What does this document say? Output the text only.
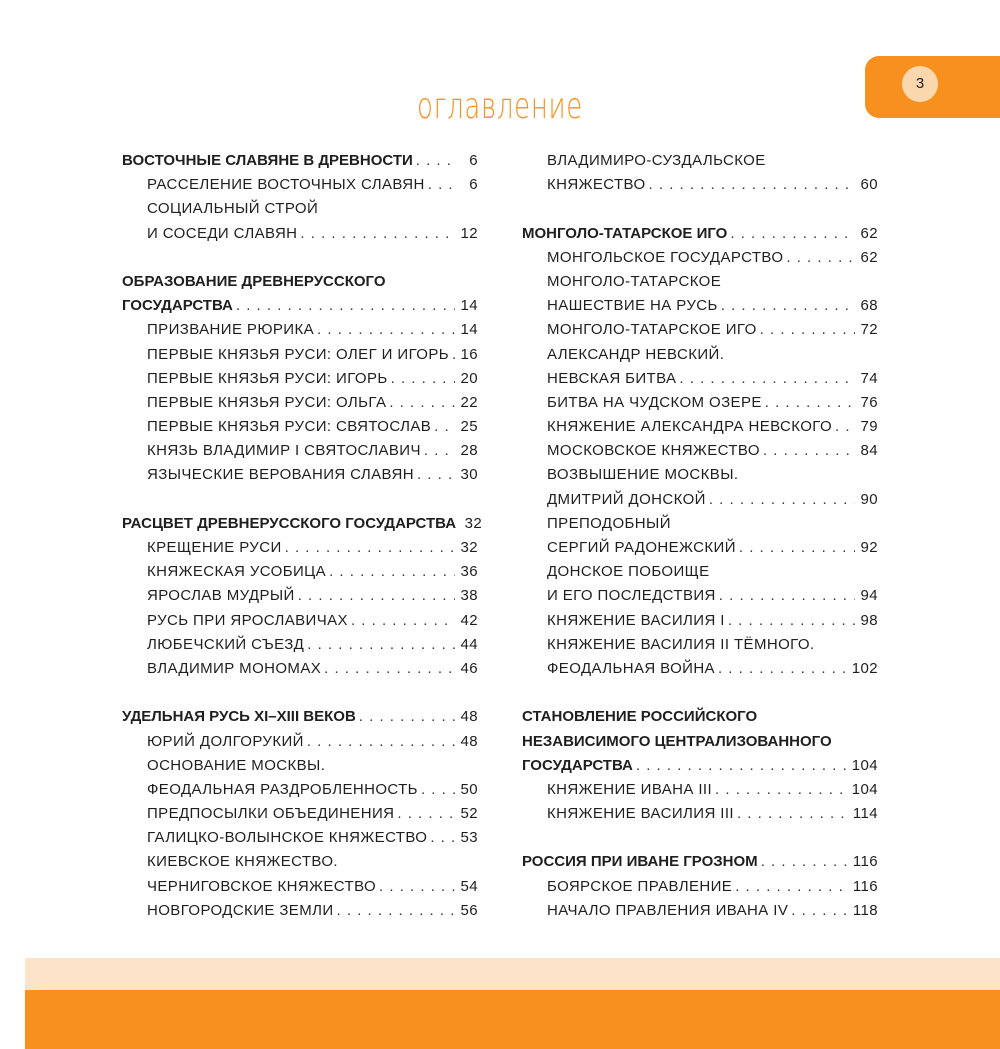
3
оглавление
ВОСТОЧНЫЕ СЛАВЯНЕ В ДРЕВНОСТИ . . .	6
РАССЕЛЕНИЕ ВОСТОЧНЫХ СЛАВЯН . . .	6
СОЦИАЛЬНЫЙ СТРОЙ
И СОСЕДИ СЛАВЯН . . .	12
ОБРАЗОВАНИЕ ДРЕВНЕРУССКОГО
ГОСУДАРСТВА . . .	14
ПРИЗВАНИЕ РЮРИКА . . .	14
ПЕРВЫЕ КНЯЗЬЯ РУСИ: ОЛЕГ И ИГОРЬ . . . 16
ПЕРВЫЕ КНЯЗЬЯ РУСИ: ИГОРЬ . . .	20
ПЕРВЫЕ КНЯЗЬЯ РУСИ: ОЛЬГА . . .	22
ПЕРВЫЕ КНЯЗЬЯ РУСИ: СВЯТОСЛАВ . . . 25
КНЯЗЬ ВЛАДИМИР I СВЯТОСЛАВИЧ . . .	28
ЯЗЫЧЕСКИЕ ВЕРОВАНИЯ СЛАВЯН . . .	30
РАСЦВЕТ ДРЕВНЕРУССКОГО ГОСУДАРСТВА 32
КРЕЩЕНИЕ РУСИ . . .	32
КНЯЖЕСКАЯ УСОБИЦА . . .	36
ЯРОСЛАВ МУДРЫЙ . . .	38
РУСЬ ПРИ ЯРОСЛАВИЧАХ . . .	42
ЛЮБЕЧСКИЙ СЪЕЗД . . .	44
ВЛАДИМИР МОНОМАХ . . .	46
УДЕЛЬНАЯ РУСЬ XI–XIII ВЕКОВ . . .	48
ЮРИЙ ДОЛГОРУКИЙ . . .	48
ОСНОВАНИЕ МОСКВЫ.
ФЕОДАЛЬНАЯ РАЗДРОБЛЕННОСТЬ . . .	50
ПРЕДПОСЫЛКИ ОБЪЕДИНЕНИЯ . . .	52
ГАЛИЦКО-ВОЛЫНСКОЕ КНЯЖЕСТВО . . . 53
КИЕВСКОЕ КНЯЖЕСТВО.
ЧЕРНИГОВСКОЕ КНЯЖЕСТВО . . .	54
НОВГОРОДСКИЕ ЗЕМЛИ . . .	56
ВЛАДИМИРО-СУЗДАЛЬСКОЕ
КНЯЖЕСТВО . . .	60
МОНГОЛО-ТАТАРСКОЕ ИГО . . .	62
МОНГОЛЬСКОЕ ГОСУДАРСТВО . . .	62
МОНГОЛО-ТАТАРСКОЕ
НАШЕСТВИЕ НА РУСЬ . . .	68
МОНГОЛО-ТАТАРСКОЕ ИГО . . .	72
АЛЕКСАНДР НЕВСКИЙ.
НЕВСКАЯ БИТВА . . .	74
БИТВА НА ЧУДСКОМ ОЗЕРЕ . . .	76
КНЯЖЕНИЕ АЛЕКСАНДРА НЕВСКОГО . . . 79
МОСКОВСКОЕ КНЯЖЕСТВО . . .	84
ВОЗВЫШЕНИЕ МОСКВЫ.
ДМИТРИЙ ДОНСКОЙ . . .	90
ПРЕПОДОБНЫЙ
СЕРГИЙ РАДОНЕЖСКИЙ . . .	92
ДОНСКОЕ ПОБОИЩЕ
И ЕГО ПОСЛЕДСТВИЯ . . .	94
КНЯЖЕНИЕ ВАСИЛИЯ I . . .	98
КНЯЖЕНИЕ ВАСИЛИЯ II ТЁМНОГО.
ФЕОДАЛЬНАЯ ВОЙНА . . .	102
СТАНОВЛЕНИЕ РОССИЙСКОГО
НЕЗАВИСИМОГО ЦЕНТРАЛИЗОВАННОГО
ГОСУДАРСТВА . . .	104
КНЯЖЕНИЕ ИВАНА III . . .	104
КНЯЖЕНИЕ ВАСИЛИЯ III . . .	114
РОССИЯ ПРИ ИВАНЕ ГРОЗНОМ . . .	116
БОЯРСКОЕ ПРАВЛЕНИЕ . . .	116
НАЧАЛО ПРАВЛЕНИЯ ИВАНА IV . . .	118
